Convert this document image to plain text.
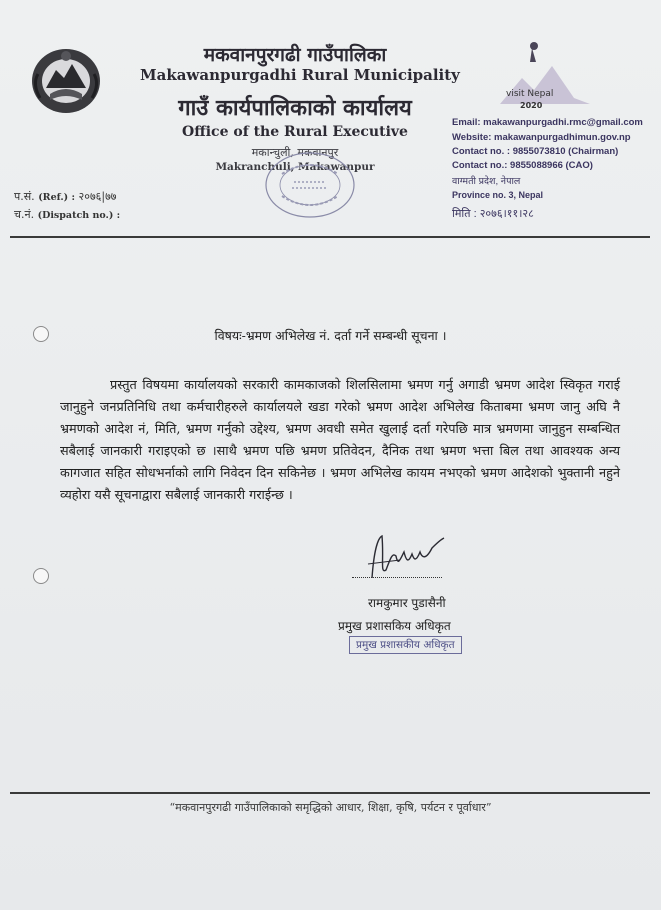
मकवानपुरगढी गाउँपालिका
Makawanpurgadhi Rural Municipality
गाउँ कार्यपालिकाको कार्यालय
Office of the Rural Executive
मकान्चुली, मकवानपुर
Makranchuli, Makawanpur
visit Nepal
2020
Email: makawanpurgadhi.rmc@gmail.com
Website: makawanpurgadhimun.gov.np
Contact no. : 9855073810 (Chairman)
Contact no.: 9855088966 (CAO)
वाग्मती प्रदेश, नेपाल
Province no. 3, Nepal
मिति : २०७६।११।२८
प.सं. (Ref.) : २०७६|७७
च.नं. (Dispatch no.) :
विषयः-भ्रमण अभिलेख नं. दर्ता गर्ने सम्बन्धी सूचना ।
प्रस्तुत विषयमा कार्यालयको सरकारी कामकाजको शिलसिलामा भ्रमण गर्नु अगाडी भ्रमण आदेश स्विकृत गराई जानुहुने जनप्रतिनिधि तथा कर्मचारीहरुले कार्यालयले खडा गरेको भ्रमण आदेश अभिलेख किताबमा भ्रमण जानु अघि नै भ्रमणको आदेश नं, मिति, भ्रमण गर्नुको उद्देश्य, भ्रमण अवधी समेत खुलाई दर्ता गरेपछि मात्र भ्रमणमा जानुहुन सम्बन्धित सबैलाई जानकारी गराइएको छ ।साथै भ्रमण पछि भ्रमण प्रतिवेदन, दैनिक तथा भ्रमण भत्ता बिल तथा आवश्यक अन्य कागजात सहित सोधभर्नाको लागि निवेदन दिन सकिनेछ । भ्रमण अभिलेख कायम नभएको भ्रमण आदेशको भुक्तानी नहुने व्यहोरा यसै सूचनाद्वारा सबैलाई जानकारी गराईन्छ ।
रामकुमार पुडासैनी
प्रमुख प्रशासकिय अधिकृत
प्रमुख प्रशासकीय अधिकृत
“मकवानपुरगढी गाउँपालिकाको समृद्धिको आधार, शिक्षा, कृषि, पर्यटन र पूर्वाधार”
